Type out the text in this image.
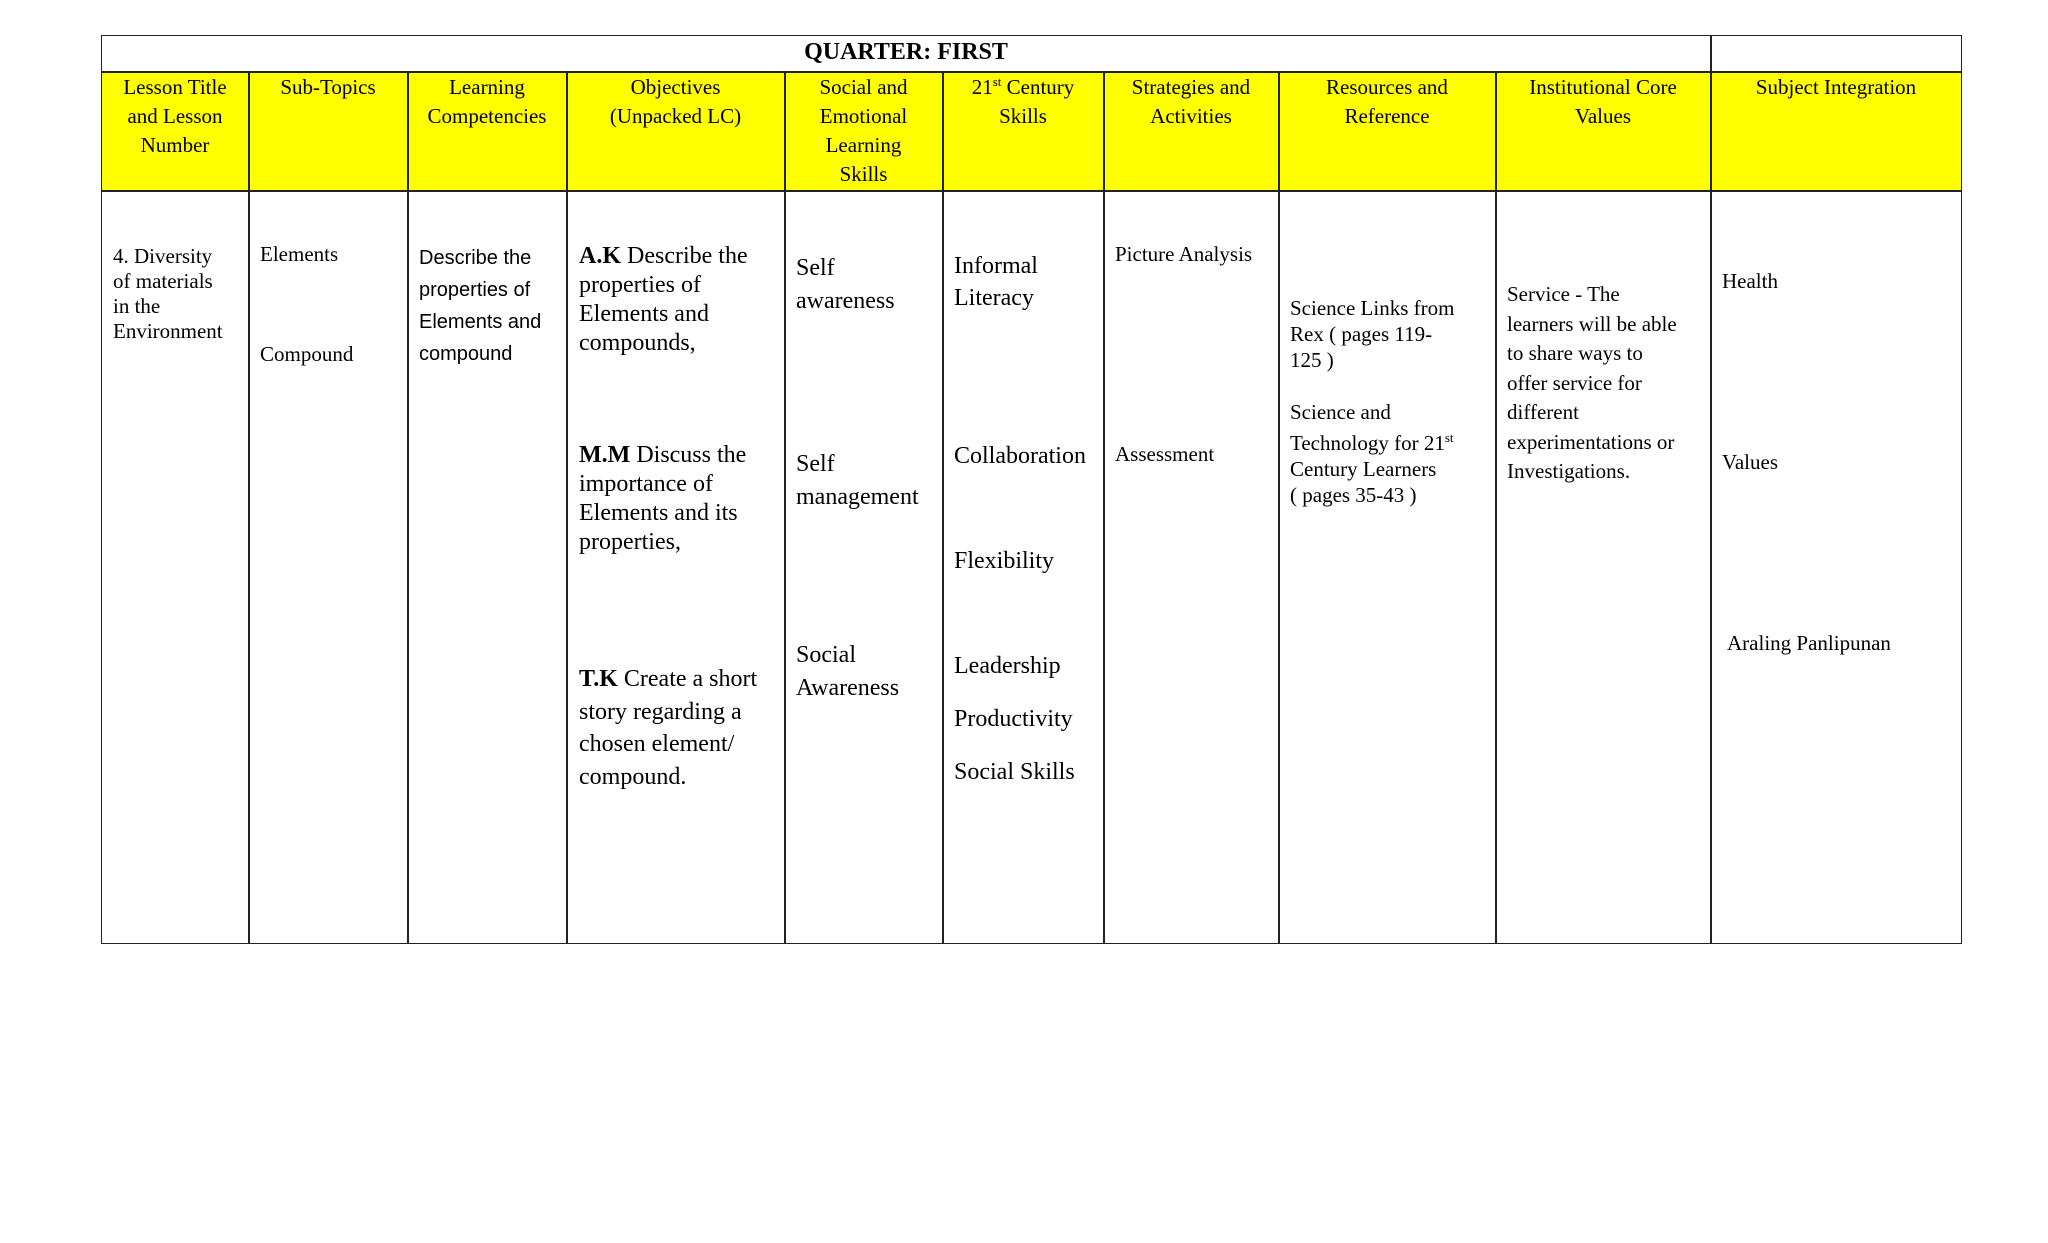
QUARTER: FIRST
Lesson Title
and Lesson
Number
Sub-Topics	Learning
Competencies
Objectives
(Unpacked LC)
Social and
Emotional
Learning
Skills
21st Century
Skills
Strategies and
Activities
Resources and
Reference
Institutional Core
Values
Subject Integration
4. Diversity
of materials
in the
Environment
Elements
Compound
Describe the
properties of
Elements and
compound
A.K Describe the
properties of
Elements and
compounds,
M.M Discuss the
importance of
Elements and its
properties,
T.K Create a short
story regarding a
chosen element/
compound.
Self
awareness
Self
management
Social
Awareness
Informal
Literacy
Collaboration
Flexibility
Leadership
Productivity
Social Skills
Picture Analysis
Assessment
Science Links from
Rex ( pages 119-
125 )
Science and
Technology for 21st
Century Learners
( pages 35-43 )
Service - The
learners will be able
to share ways to
offer service for
different
experimentations or
Investigations.
Health
Values
Araling Panlipunan
